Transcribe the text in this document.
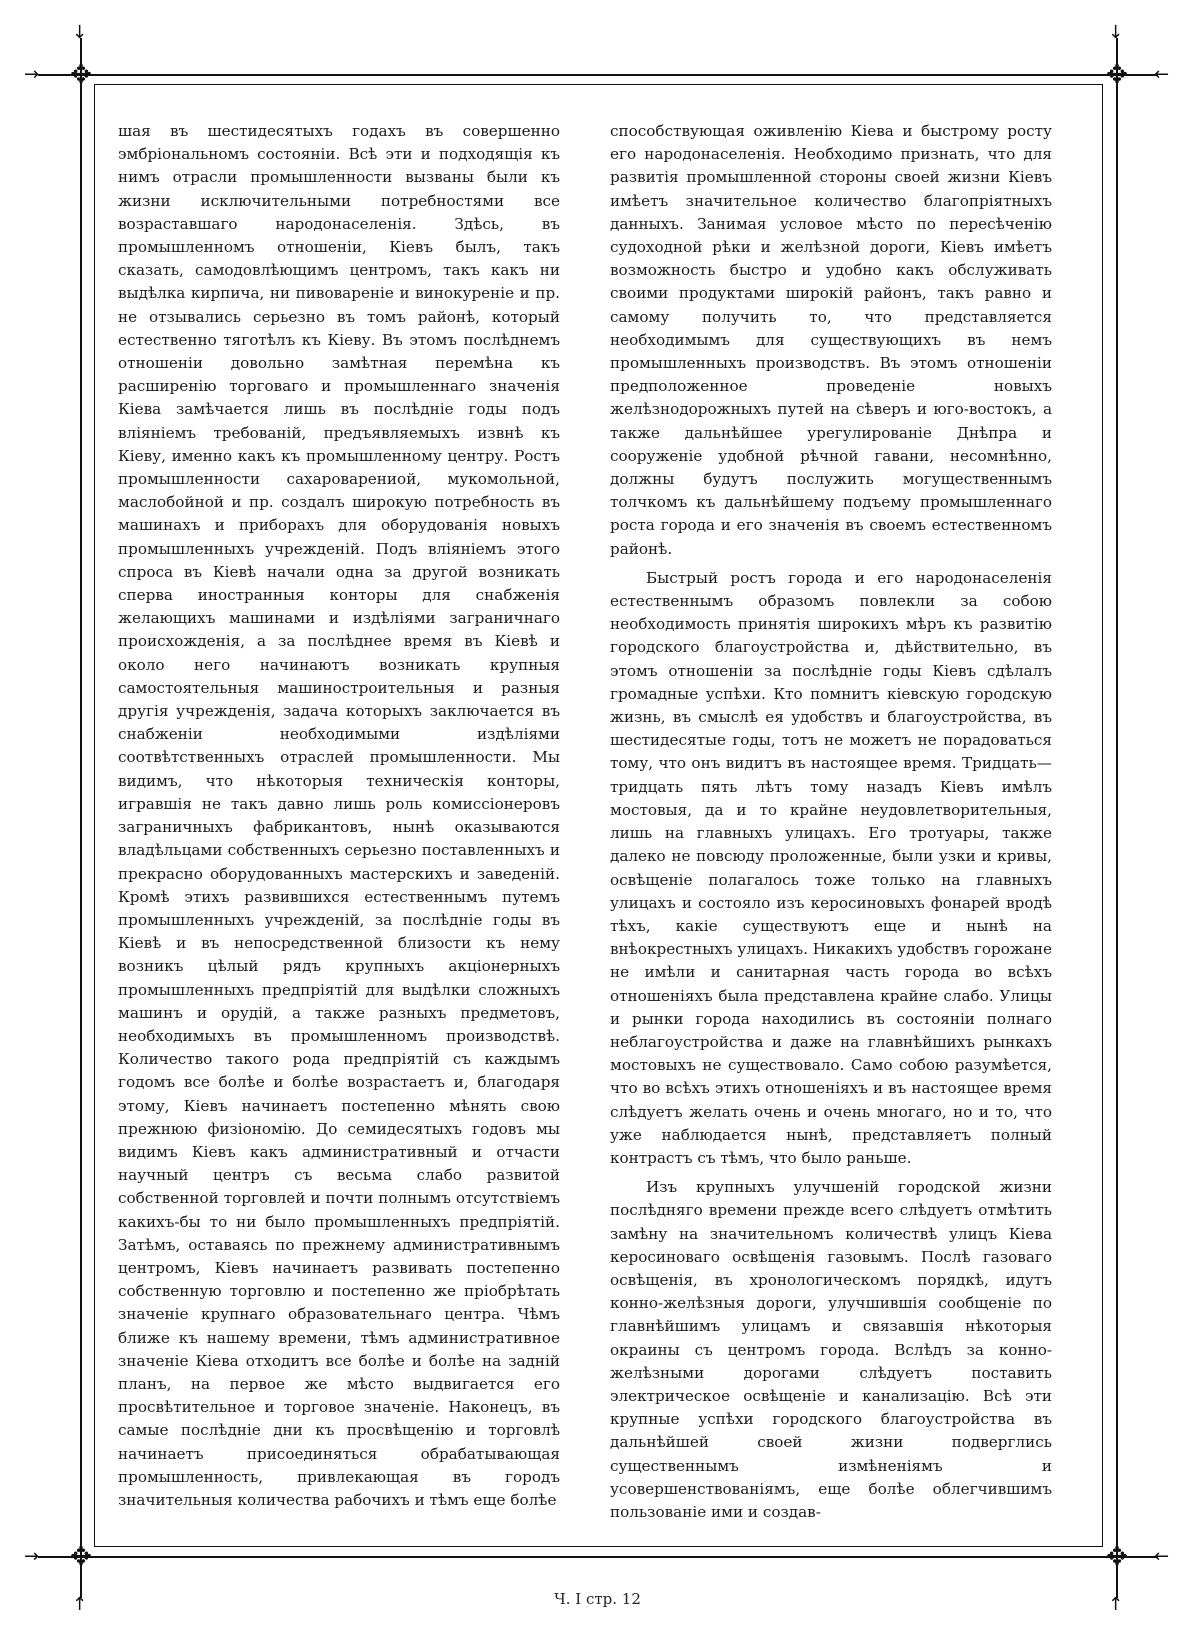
✥	✥
✥	✥
↓	↓
→	←
↑	↑
→	←

шая въ шестидесятыхъ годахъ въ совершенно эмбріональномъ состояніи. Всѣ эти и подходящія къ нимъ отрасли промышленности вызваны были къ жизни исключительными потребностями все возраставшаго народонаселенія. Здѣсь, въ промышленномъ отношеніи, Кіевъ былъ, такъ сказать, самодовлѣющимъ центромъ, такъ какъ ни выдѣлка кирпича, ни пивовареніе и винокуреніе и пр. не отзывались серьезно въ томъ районѣ, который естественно тяготѣлъ къ Кіеву. Въ этомъ послѣднемъ отношеніи довольно замѣтная перемѣна къ расширенію торговаго и промышленнаго значенія Кіева замѣчается лишь въ послѣдніе годы подъ вліяніемъ требованій, предъявляемыхъ извнѣ къ Кіеву, именно какъ къ промышленному центру. Ростъ промышленности сахароварениой, мукомольной, маслобойной и пр. создалъ широкую потребность въ машинахъ и приборахъ для оборудованія новыхъ промышленныхъ учрежденій. Подъ вліяніемъ этого спроса въ Кіевѣ начали одна за другой возникать сперва иностранныя конторы для снабженія желающихъ машинами и издѣліями заграничнаго происхожденія, а за послѣднее время въ Кіевѣ и около него начинаютъ возникать крупныя самостоятельныя машиностроительныя и разныя другія учрежденія, задача которыхъ заключается въ снабженіи необходимыми издѣліями соотвѣтственныхъ отраслей промышленности. Мы видимъ, что нѣкоторыя техническія конторы, игравшія не такъ давно лишь роль комиссіонеровъ заграничныхъ фабрикантовъ, нынѣ оказываются владѣльцами собственныхъ серьезно поставленныхъ и прекрасно оборудованныхъ мастерскихъ и заведеній. Кромѣ этихъ развившихся естественнымъ путемъ промышленныхъ учрежденій, за послѣдніе годы въ Кіевѣ и въ непосредственной близости къ нему возникъ цѣлый рядъ крупныхъ акціонерныхъ промышленныхъ предпріятій для выдѣлки сложныхъ машинъ и орудій, а также разныхъ предметовъ, необходимыхъ въ промышленномъ производствѣ. Количество такого рода предпріятій съ каждымъ годомъ все болѣе и болѣе возрастаетъ и, благодаря этому, Кіевъ начинаетъ постепенно мѣнять свою прежнюю физіономію. До семидесятыхъ годовъ мы видимъ Кіевъ какъ административный и отчасти научный центръ съ весьма слабо развитой собственной торговлей и почти полнымъ отсутствіемъ какихъ-бы то ни было промышленныхъ предпріятій. Затѣмъ, оставаясь по прежнему административнымъ центромъ, Кіевъ начинаетъ развивать постепенно собственную торговлю и постепенно же пріобрѣтать значеніе крупнаго образовательнаго центра. Чѣмъ ближе къ нашему времени, тѣмъ административное значеніе Кіева отходитъ все болѣе и болѣе на задній планъ, на первое же мѣсто выдвигается его просвѣтительное и торговое значеніе. Наконецъ, въ самые послѣдніе дни къ просвѣщенію и торговлѣ начинаетъ присоединяться обрабатывающая промышленность, привлекающая въ городъ значительныя количества рабочихъ и тѣмъ еще болѣе

способствующая оживленію Кіева и быстрому росту его народонаселенія. Необходимо признать, что для развитія промышленной стороны своей жизни Кіевъ имѣетъ значительное количество благопріятныхъ данныхъ. Занимая условое мѣсто по пересѣченію судоходной рѣки и желѣзной дороги, Кіевъ имѣетъ возможность быстро и удобно какъ обслуживать своими продуктами широкій районъ, такъ равно и самому получить то, что представляется необходимымъ для существующихъ въ немъ промышленныхъ производствъ. Въ этомъ отношеніи предположенное проведеніе новыхъ желѣзнодорожныхъ путей на сѣверъ и юго-востокъ, а также дальнѣйшее урегулированіе Днѣпра и сооруженіе удобной рѣчной гавани, несомнѣнно, должны будутъ послужить могущественнымъ толчкомъ къ дальнѣйшему подъему промышленнаго роста города и его значенія въ своемъ естественномъ районѣ.

Быстрый ростъ города и его народонаселенія естественнымъ образомъ повлекли за собою необходимость принятія широкихъ мѣръ къ развитію городского благоустройства и, дѣйствительно, въ этомъ отношеніи за послѣдніе годы Кіевъ сдѣлалъ громадные успѣхи. Кто помнитъ кіевскую городскую жизнь, въ смыслѣ ея удобствъ и благоустройства, въ шестидесятые годы, тотъ не можетъ не порадоваться тому, что онъ видитъ въ настоящее время. Тридцать—тридцать пять лѣтъ тому назадъ Кіевъ имѣлъ мостовыя, да и то крайне неудовлетворительныя, лишь на главныхъ улицахъ. Его тротуары, также далеко не повсюду проложенные, были узки и кривы, освѣщеніе полагалось тоже только на главныхъ улицахъ и состояло изъ керосиновыхъ фонарей вродѣ тѣхъ, какіе существуютъ еще и нынѣ на внѣокрестныхъ улицахъ. Никакихъ удобствъ горожане не имѣли и санитарная часть города во всѣхъ отношеніяхъ была представлена крайне слабо. Улицы и рынки города находились въ состояніи полнаго неблагоустройства и даже на главнѣйшихъ рынкахъ мостовыхъ не существовало. Само собою разумѣется, что во всѣхъ этихъ отношеніяхъ и въ настоящее время слѣдуетъ желать очень и очень многаго, но и то, что уже наблюдается нынѣ, представляетъ полный контрастъ съ тѣмъ, что было раньше.

Изъ крупныхъ улучшеній городской жизни послѣдняго времени прежде всего слѣдуетъ отмѣтить замѣну на значительномъ количествѣ улицъ Кіева керосиноваго освѣщенія газовымъ. Послѣ газоваго освѣщенія, въ хронологическомъ порядкѣ, идутъ конно-желѣзныя дороги, улучшившія сообщеніе по главнѣйшимъ улицамъ и связавшія нѣкоторыя окраины съ центромъ города. Вслѣдъ за конно-желѣзными дорогами слѣдуетъ поставить электрическое освѣщеніе и канализацію. Всѣ эти крупные успѣхи городского благоустройства въ дальнѣйшей своей жизни подверглись существеннымъ измѣненіямъ и усовершенствованіямъ, еще болѣе облегчившимъ пользованіе ими и создав-

Ч. I стр. 12
